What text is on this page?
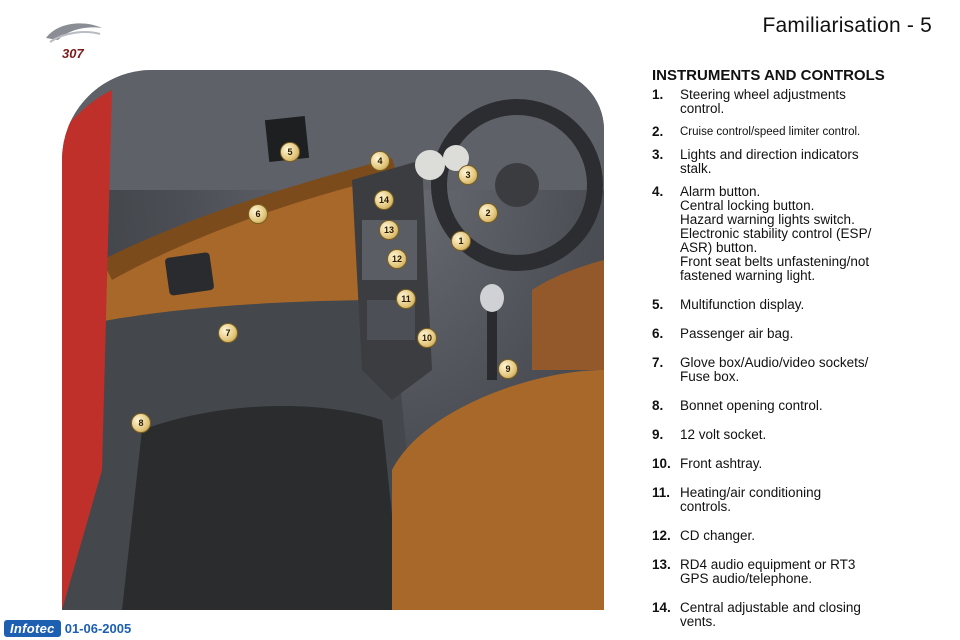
307
Familiarisation - 5
1
2
3
4
5
6
7
8
9
10
11
12
13
14
INSTRUMENTS AND CONTROLS
1.	Steering wheel adjustments
control.
2.	Cruise control/speed limiter control.
3.	Lights and direction indicators
stalk.
4.	Alarm button.
Central locking button.
Hazard warning lights switch.
Electronic stability control (ESP/
ASR) button.
Front seat belts unfastening/not
fastened warning light.
5.	Multifunction display.
6.	Passenger air bag.
7.	Glove box/Audio/video sockets/
Fuse box.
8.	Bonnet opening control.
9.	12 volt socket.
10. Front ashtray.
11. Heating/air conditioning
controls.
12. CD changer.
13. RD4 audio equipment or RT3
GPS audio/telephone.
14. Central adjustable and closing
vents.
Infotec 01-06-2005
